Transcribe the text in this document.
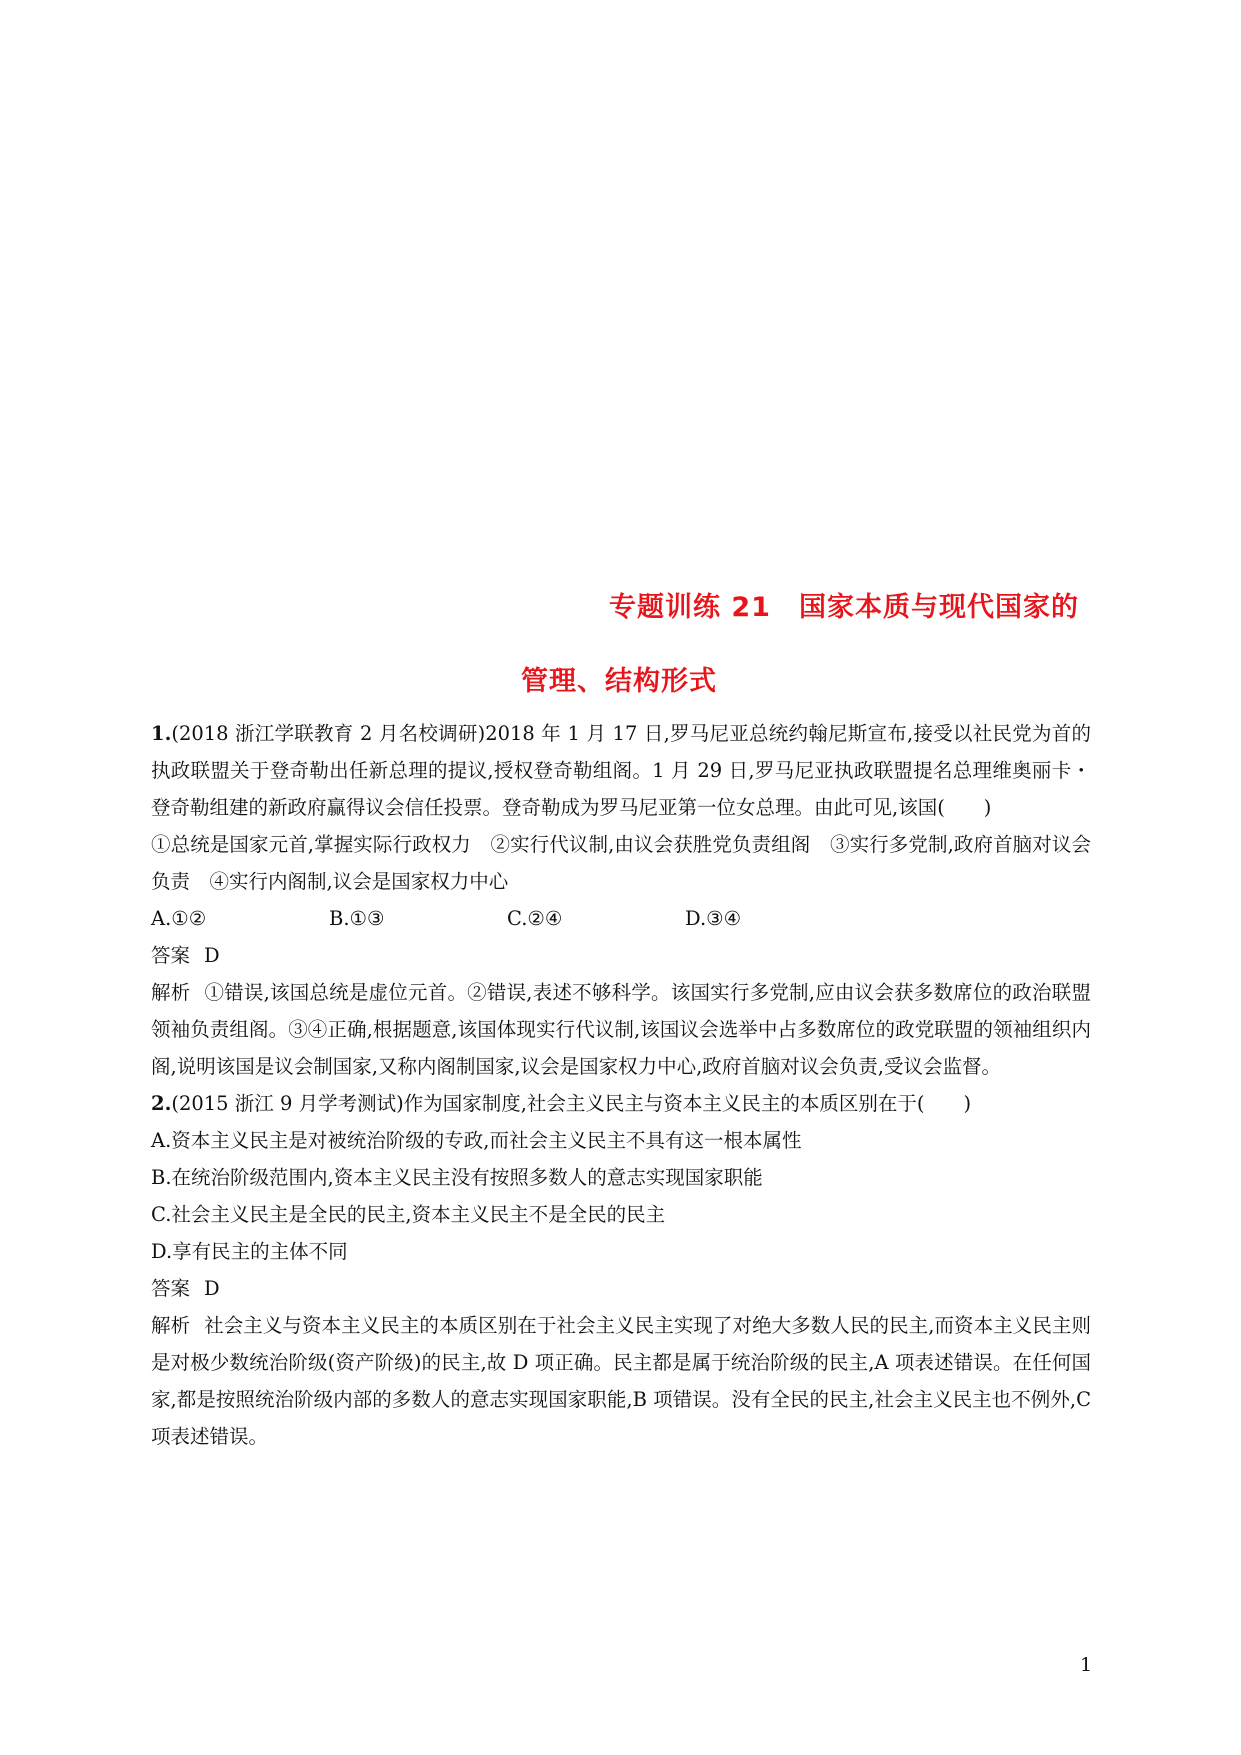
专题训练 21　国家本质与现代国家的
管理、结构形式

1.(2018 浙江学联教育 2 月名校调研)2018 年 1 月 17 日,罗马尼亚总统约翰尼斯宣布,接受以社民党为首的执政联盟关于登奇勒出任新总理的提议,授权登奇勒组阁。1 月 29 日,罗马尼亚执政联盟提名总理维奥丽卡・登奇勒组建的新政府赢得议会信任投票。登奇勒成为罗马尼亚第一位女总理。由此可见,该国(　　)

①总统是国家元首,掌握实际行政权力　②实行代议制,由议会获胜党负责组阁　③实行多党制,政府首脑对议会负责　④实行内阁制,议会是国家权力中心

A.①②	B.①③	C.②④	D.③④

答案 D

解析 ①错误,该国总统是虚位元首。②错误,表述不够科学。该国实行多党制,应由议会获多数席位的政治联盟领袖负责组阁。③④正确,根据题意,该国体现实行代议制,该国议会选举中占多数席位的政党联盟的领袖组织内阁,说明该国是议会制国家,又称内阁制国家,议会是国家权力中心,政府首脑对议会负责,受议会监督。

2.(2015 浙江 9 月学考测试)作为国家制度,社会主义民主与资本主义民主的本质区别在于(　　)

A.资本主义民主是对被统治阶级的专政,而社会主义民主不具有这一根本属性

B.在统治阶级范围内,资本主义民主没有按照多数人的意志实现国家职能

C.社会主义民主是全民的民主,资本主义民主不是全民的民主

D.享有民主的主体不同

答案 D

解析 社会主义与资本主义民主的本质区别在于社会主义民主实现了对绝大多数人民的民主,而资本主义民主则是对极少数统治阶级(资产阶级)的民主,故 D 项正确。民主都是属于统治阶级的民主,A 项表述错误。在任何国家,都是按照统治阶级内部的多数人的意志实现国家职能,B 项错误。没有全民的民主,社会主义民主也不例外,C 项表述错误。

1
